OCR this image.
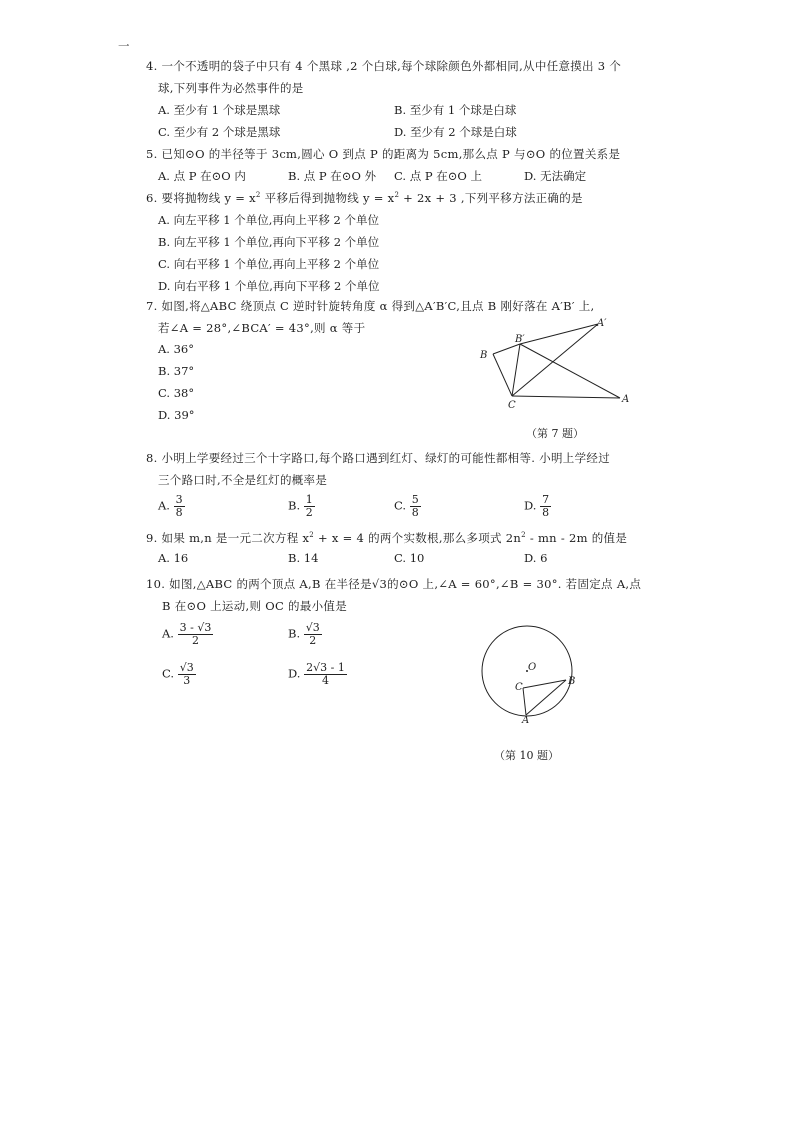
一
4. 一个不透明的袋子中只有 4 个黑球 ,2 个白球,每个球除颜色外都相同,从中任意摸出 3 个
球,下列事件为必然事件的是
A. 至少有 1 个球是黑球	B. 至少有 1 个球是白球
C. 至少有 2 个球是黑球	D. 至少有 2 个球是白球
5. 已知⊙O 的半径等于 3cm,圆心 O 到点 P 的距离为 5cm,那么点 P 与⊙O 的位置关系是
A. 点 P 在⊙O 内	B. 点 P 在⊙O 外 C. 点 P 在⊙O 上	D. 无法确定
6. 要将抛物线 $y = x^2$ 平移后得到抛物线 $y = x^2 + 2x + 3$ ,下列平移方法正确的是
A. 向左平移 1 个单位,再向上平移 2 个单位
B. 向左平移 1 个单位,再向下平移 2 个单位
C. 向右平移 1 个单位,再向上平移 2 个单位
D. 向右平移 1 个单位,再向下平移 2 个单位
7. 如图,将△ABC 绕顶点 C 逆时针旋转角度 α 得到△A′B′C,且点 B 刚好落在 A′B′ 上,
若∠A = 28°,∠BCA′ = 43°,则 α 等于
A. 36°
B. 37°
C. 38°
D. 39°
B
B′
A′
C
A
（第 7 题）
8. 小明上学要经过三个十字路口,每个路口遇到红灯、绿灯的可能性都相等. 小明上学经过
三个路口时,不全是红灯的概率是
A. $\frac{3}{8}$	B. $\frac{1}{2}$	C. $\frac{5}{8}$	D. $\frac{7}{8}$
9. 如果 m,n 是一元二次方程 $x^2 + x = 4$ 的两个实数根,那么多项式 $2n^2$ - mn - 2m 的值是
A. 16	B. 14	C. 10	D. 6
10. 如图,△ABC 的两个顶点 A,B 在半径是√3的⊙O 上,∠A = 60°,∠B = 30°. 若固定点 A,点
B 在⊙O 上运动,则 OC 的最小值是
A. $\frac{3 - √3}{2}$	B. $\frac{√3}{2}$
C. $\frac{√3}{3}$	D. $\frac{2√3 - 1}{4}$	O
C
B
A
（第 10 题）
